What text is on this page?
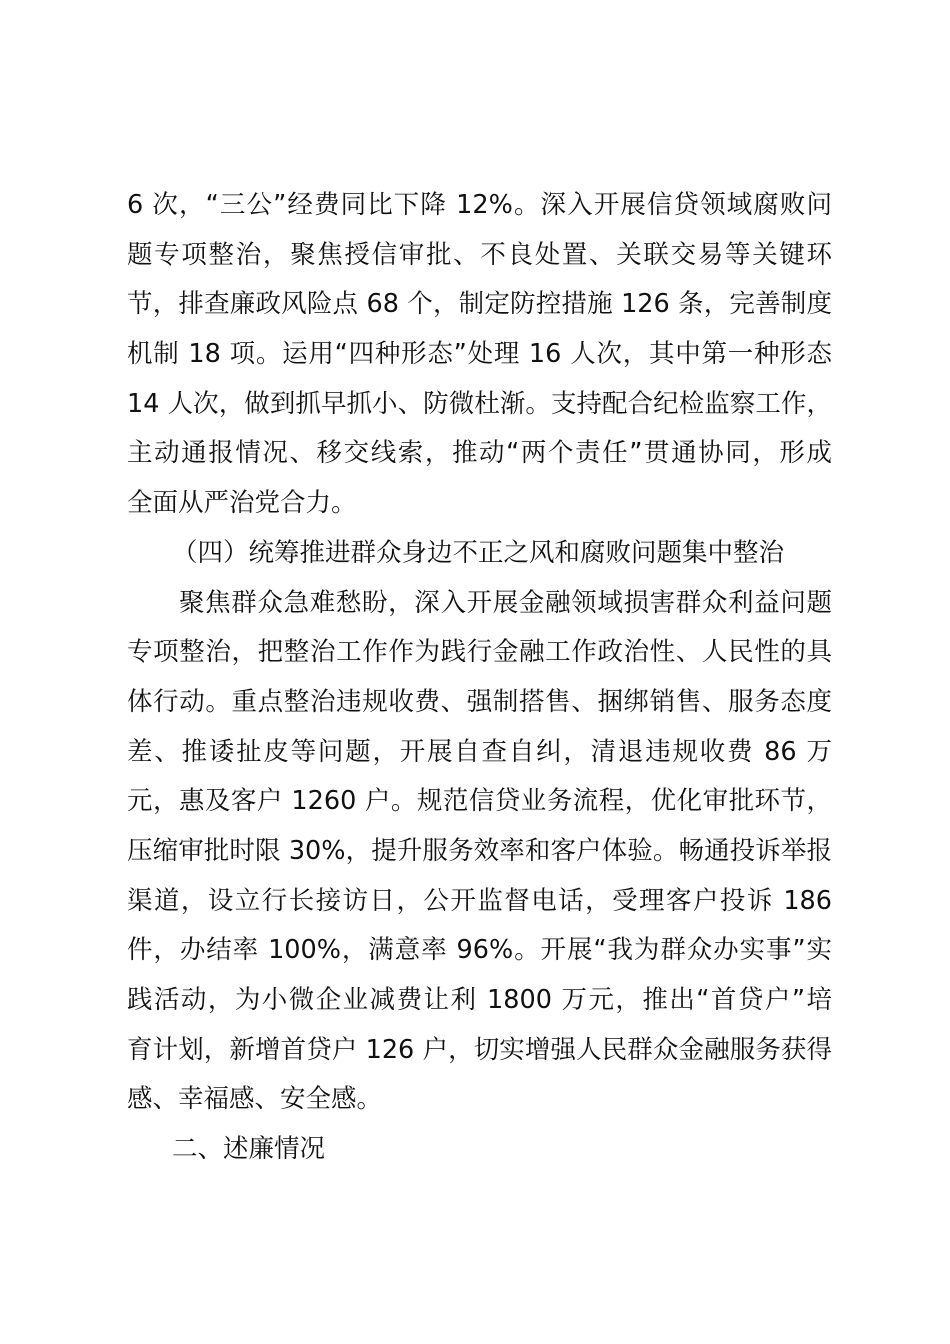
6 次，“三公”经费同比下降 12%。深入开展信贷领域腐败问
题专项整治，聚焦授信审批、不良处置、关联交易等关键环
节，排查廉政风险点 68 个，制定防控措施 126 条，完善制度
机制 18 项。运用“四种形态”处理 16 人次，其中第一种形态
14 人次，做到抓早抓小、防微杜渐。支持配合纪检监察工作，
主动通报情况、移交线索，推动“两个责任”贯通协同，形成
全面从严治党合力。
（四）统筹推进群众身边不正之风和腐败问题集中整治
聚焦群众急难愁盼，深入开展金融领域损害群众利益问题
专项整治，把整治工作作为践行金融工作政治性、人民性的具
体行动。重点整治违规收费、强制搭售、捆绑销售、服务态度
差、推诿扯皮等问题，开展自查自纠，清退违规收费 86 万
元，惠及客户 1260 户。规范信贷业务流程，优化审批环节，
压缩审批时限 30%，提升服务效率和客户体验。畅通投诉举报
渠道，设立行长接访日，公开监督电话，受理客户投诉 186
件，办结率 100%，满意率 96%。开展“我为群众办实事”实
践活动，为小微企业减费让利 1800 万元，推出“首贷户”培
育计划，新增首贷户 126 户，切实增强人民群众金融服务获得
感、幸福感、安全感。
二、述廉情况
